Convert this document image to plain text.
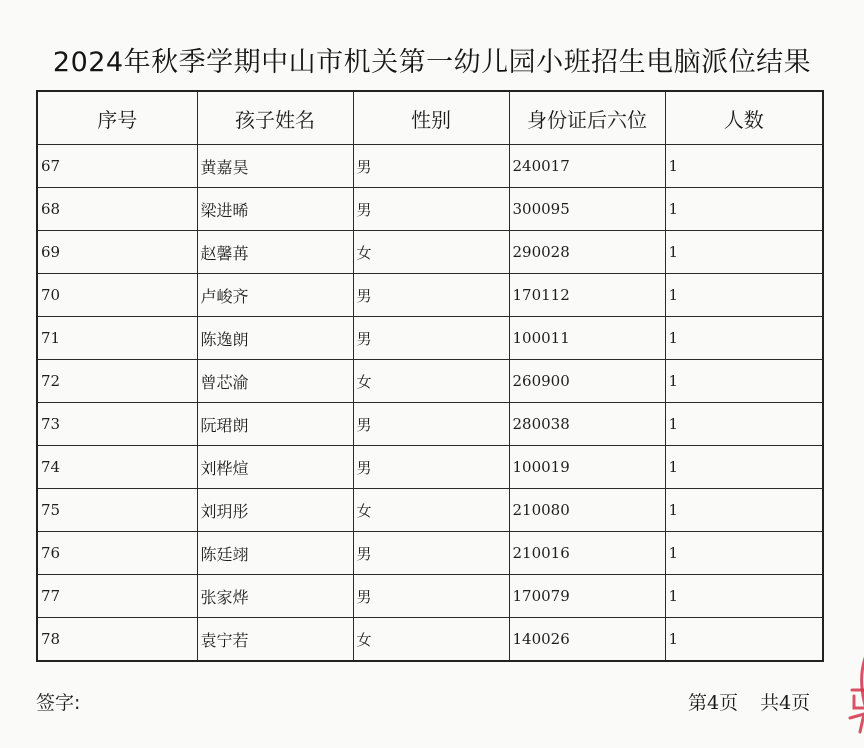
2024年秋季学期中山市机关第一幼儿园小班招生电脑派位结果
序号	孩子姓名	性别	身份证后六位	人数
67	黄嘉昊	男	240017	1
68	梁进晞	男	300095	1
69	赵馨苒	女	290028	1
70	卢峻齐	男	170112	1
71	陈逸朗	男	100011	1
72	曾芯渝	女	260900	1
73	阮珺朗	男	280038	1
74	刘桦煊	男	100019	1
75	刘玥彤	女	210080	1
76	陈廷翊	男	210016	1
77	张家烨	男	170079	1
78	袁宁若	女	140026	1
签字:	第4页 共4页
